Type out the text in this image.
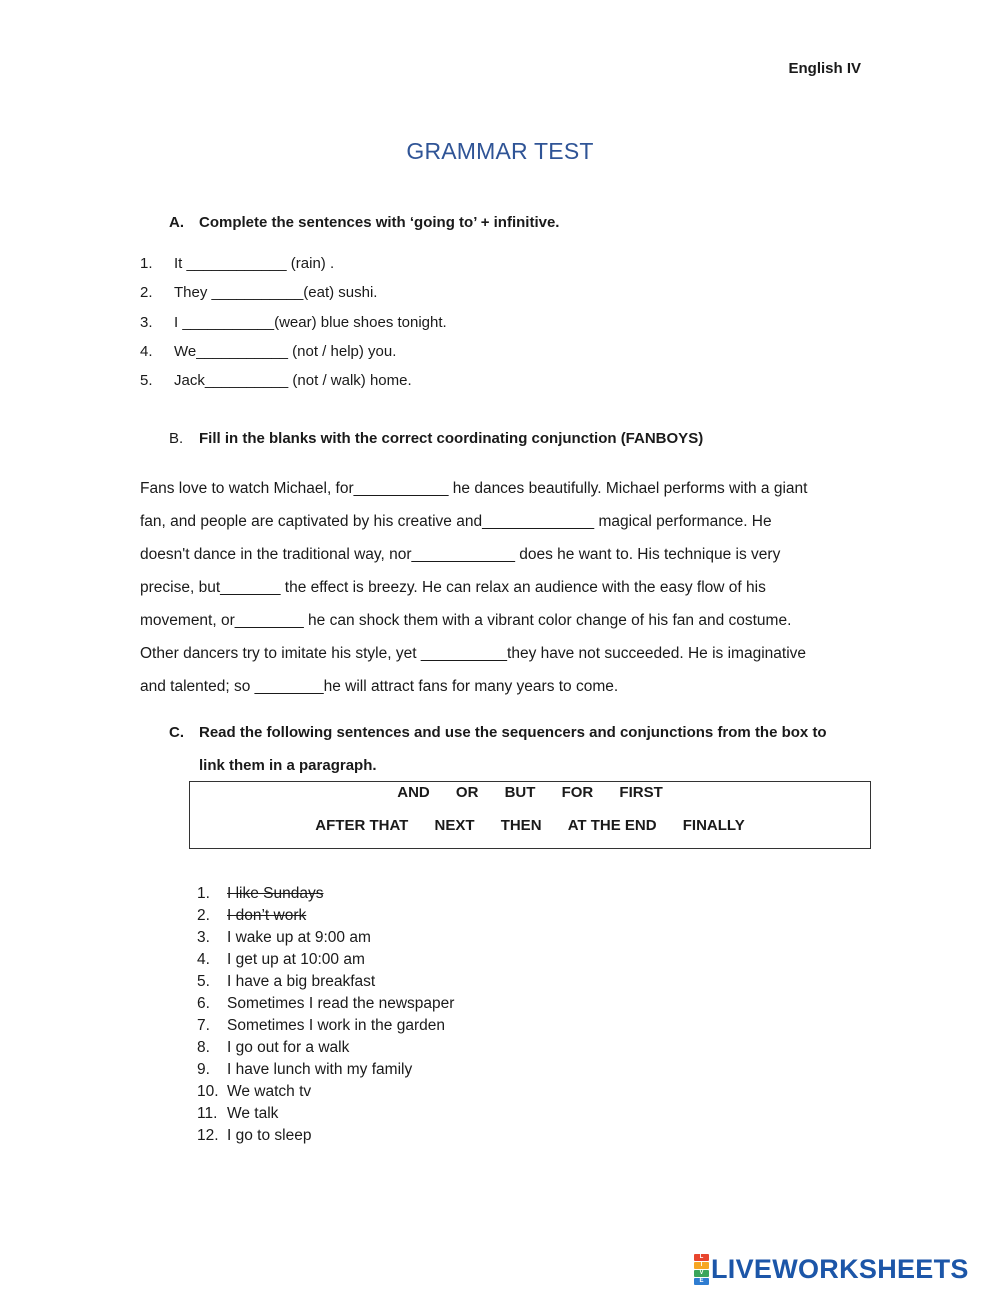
English IV
GRAMMAR TEST
A. Complete the sentences with ‘going to’ + infinitive.
1. It ____________ (rain) .
2. They ___________(eat) sushi.
3. I ___________(wear) blue shoes tonight.
4. We___________ (not / help) you.
5. Jack__________ (not / walk) home.
B. Fill in the blanks with the correct coordinating conjunction (FANBOYS)
Fans love to watch Michael, for___________ he dances beautifully. Michael performs with a giant
fan, and people are captivated by his creative and_____________ magical performance. He
doesn't dance in the traditional way, nor____________ does he want to. His technique is very
precise, but_______ the effect is breezy. He can relax an audience with the easy flow of his
movement, or________ he can shock them with a vibrant color change of his fan and costume.
Other dancers try to imitate his style, yet __________they have not succeeded. He is imaginative
and talented; so ________he will attract fans for many years to come.
C. Read the following sentences and use the sequencers and conjunctions from the box to
link them in a paragraph.
AND OR BUT FOR FIRST
AFTER THAT NEXT THEN AT THE END FINALLY
1. I like Sundays
2. I don’t work
3. I wake up at 9:00 am
4. I get up at 10:00 am
5. I have a big breakfast
6. Sometimes I read the newspaper
7. Sometimes I work in the garden
8. I go out for a walk
9. I have lunch with my family
10. We watch tv
11. We talk
12. I go to sleep
L
I
V
E LIVEWORKSHEETS
